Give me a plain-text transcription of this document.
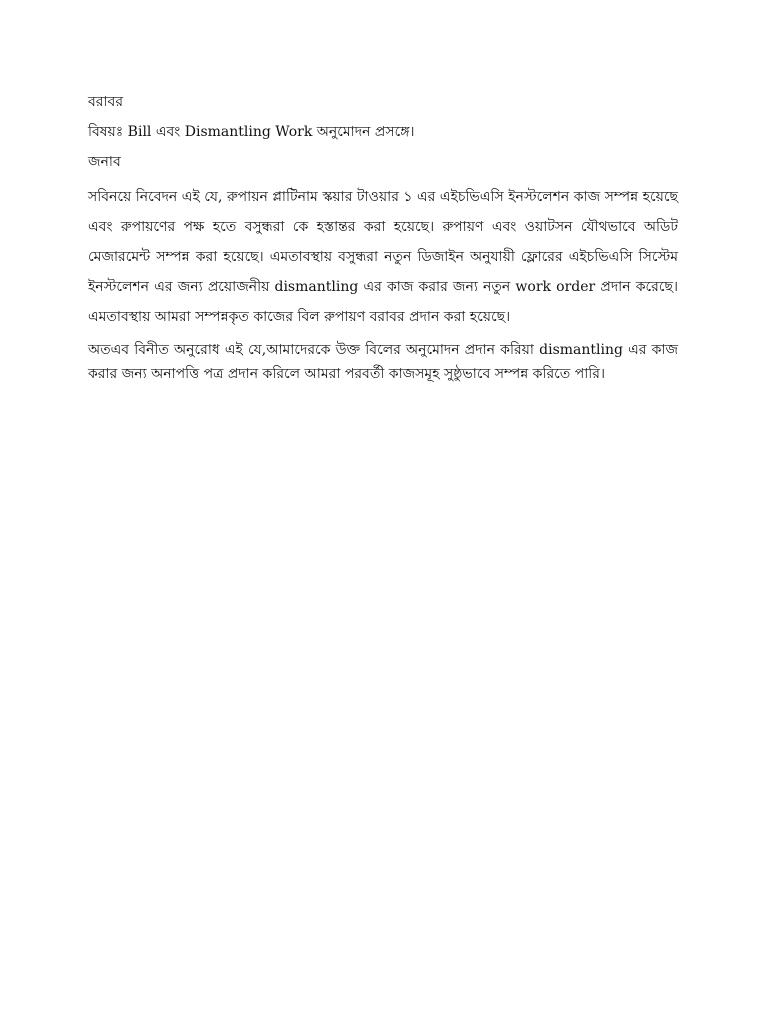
বরাবর

বিষয়ঃ Bill এবং Dismantling Work অনুমোদন প্রসঙ্গে।

জনাব

সবিনয়ে নিবেদন এই যে, রুপায়ন প্লাটিনাম স্কয়ার টাওয়ার ১ এর এইচভিএসি ইনস্টলেশন কাজ সম্পন্ন হয়েছে এবং রুপায়ণের পক্ষ হতে বসুন্ধরা কে হস্তান্তর করা হয়েছে। রুপায়ণ এবং ওয়াটসন যৌথভাবে অডিট মেজারমেন্ট সম্পন্ন করা হয়েছে। এমতাবস্থায় বসুন্ধরা নতুন ডিজাইন অনুযায়ী ফ্লোরের এইচভিএসি সিস্টেম ইনস্টলেশন এর জন্য প্রয়োজনীয় dismantling এর কাজ করার জন্য নতুন work order প্রদান করেছে। এমতাবস্থায় আমরা সম্পন্নকৃত কাজের বিল রুপায়ণ বরাবর প্রদান করা হয়েছে।

অতএব বিনীত অনুরোধ এই যে,আমাদেরকে উক্ত বিলের অনুমোদন প্রদান করিয়া dismantling এর কাজ করার জন্য অনাপত্তি পত্র প্রদান করিলে আমরা পরবর্তী কাজসমূহ সুষ্ঠুভাবে সম্পন্ন করিতে পারি।
